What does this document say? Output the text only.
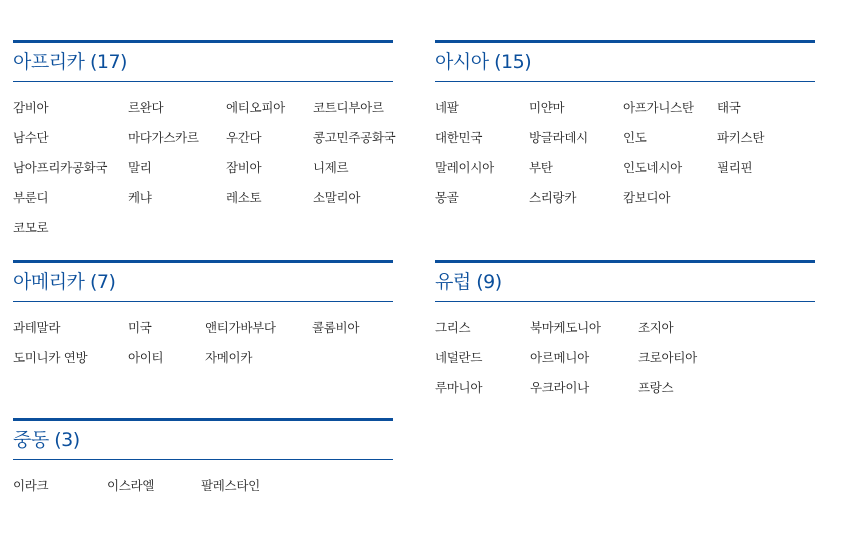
아프리카 (17)
감비아	르완다	에티오피아	코트디부아르
남수단	마다가스카르	우간다	콩고민주공화국
남아프리카공화국	말리	잠비아	니제르
부룬디	케냐	레소토	소말리아
코모로
아시아 (15)
네팔	미얀마	아프가니스탄	태국
대한민국	방글라데시	인도	파키스탄
말레이시아	부탄	인도네시아	필리핀
몽골	스리랑카	캄보디아
아메리카 (7)
과테말라	미국	앤티가바부다	콜롬비아
도미니카 연방	아이티	자메이카
유럽 (9)
그리스	북마케도니아	조지아
네덜란드	아르메니아	크로아티아
루마니아	우크라이나	프랑스
중동 (3)
이라크	이스라엘	팔레스타인
